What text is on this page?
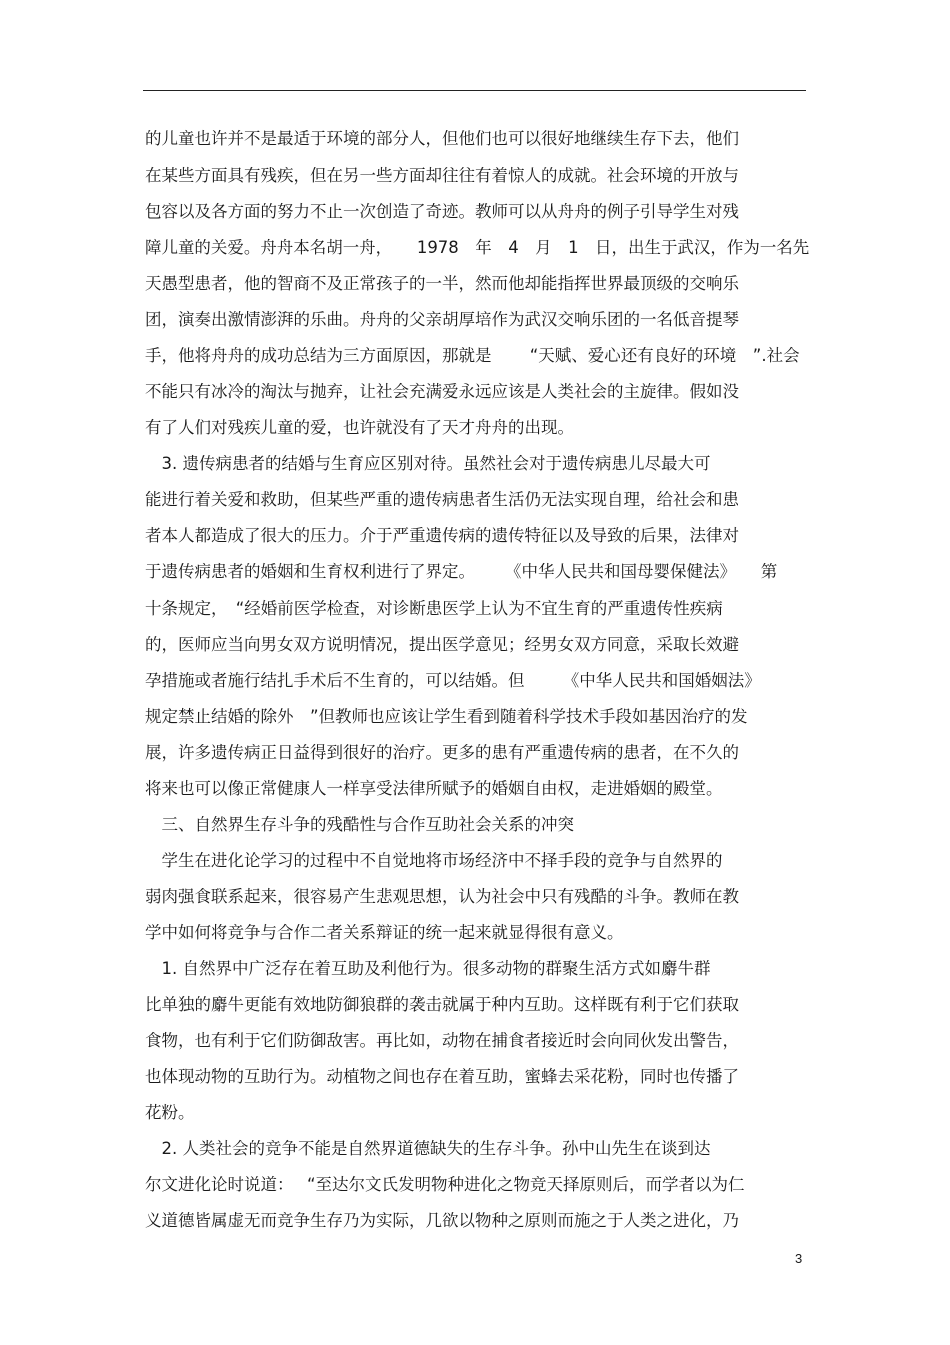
的儿童也许并不是最适于环境的部分人，但他们也可以很好地继续生存下去，他们
在某些方面具有残疾，但在另一些方面却往往有着惊人的成就。社会环境的开放与
包容以及各方面的努力不止一次创造了奇迹。教师可以从舟舟的例子引导学生对残
障儿童的关爱。舟舟本名胡一舟，　　1978　年　4　月　1　日，出生于武汉，作为一名先
天愚型患者，他的智商不及正常孩子的一半，然而他却能指挥世界最顶级的交响乐
团，演奏出激情澎湃的乐曲。舟舟的父亲胡厚培作为武汉交响乐团的一名低音提琴
手，他将舟舟的成功总结为三方面原因，那就是　　 “天赋、爱心还有良好的环境　”.社会
不能只有冰冷的淘汰与抛弃，让社会充满爱永远应该是人类社会的主旋律。假如没
有了人们对残疾儿童的爱，也许就没有了天才舟舟的出现。
　3. 遗传病患者的结婚与生育应区别对待。虽然社会对于遗传病患儿尽最大可
能进行着关爱和救助，但某些严重的遗传病患者生活仍无法实现自理，给社会和患
者本人都造成了很大的压力。介于严重遗传病的遗传特征以及导致的后果，法律对
于遗传病患者的婚姻和生育权利进行了界定。　　 《中华人民共和国母婴保健法》　　第
十条规定，　“经婚前医学检查，对诊断患医学上认为不宜生育的严重遗传性疾病
的，医师应当向男女双方说明情况，提出医学意见；经男女双方同意，采取长效避
孕措施或者施行结扎手术后不生育的，可以结婚。但　　 《中华人民共和国婚姻法》
规定禁止结婚的除外　”但教师也应该让学生看到随着科学技术手段如基因治疗的发
展，许多遗传病正日益得到很好的治疗。更多的患有严重遗传病的患者，在不久的
将来也可以像正常健康人一样享受法律所赋予的婚姻自由权，走进婚姻的殿堂。
　三、自然界生存斗争的残酷性与合作互助社会关系的冲突
　学生在进化论学习的过程中不自觉地将市场经济中不择手段的竞争与自然界的
弱肉强食联系起来，很容易产生悲观思想，认为社会中只有残酷的斗争。教师在教
学中如何将竞争与合作二者关系辩证的统一起来就显得很有意义。
　1. 自然界中广泛存在着互助及利他行为。很多动物的群聚生活方式如麝牛群
比单独的麝牛更能有效地防御狼群的袭击就属于种内互助。这样既有利于它们获取
食物，也有利于它们防御敌害。再比如，动物在捕食者接近时会向同伙发出警告，
也体现动物的互助行为。动植物之间也存在着互助，蜜蜂去采花粉，同时也传播了
花粉。
　2. 人类社会的竞争不能是自然界道德缺失的生存斗争。孙中山先生在谈到达
尔文进化论时说道：　 “至达尔文氏发明物种进化之物竞天择原则后，而学者以为仁
义道德皆属虚无而竞争生存乃为实际，几欲以物种之原则而施之于人类之进化，乃
3
